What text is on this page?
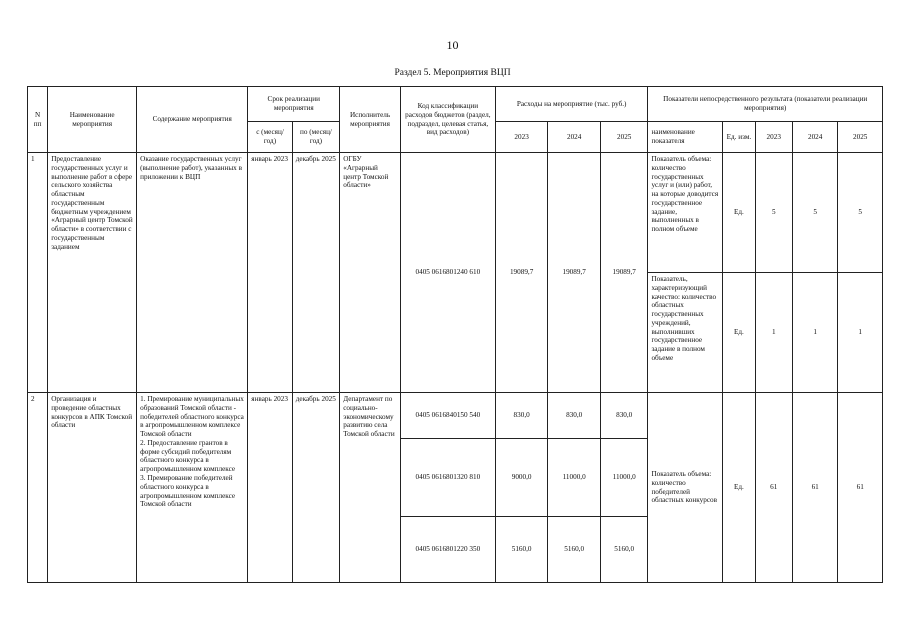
10
Раздел 5. Мероприятия ВЦП
N пп	Наименование мероприятия	Содержание мероприятия	Срок реализации мероприятия		Исполнитель мероприятия	Код классификации расходов бюджетов (раздел, подраздел, целевая статья, вид расходов)	Расходы на мероприятие (тыс. руб.)			Показатели непосредственного результата (показатели реализации мероприятия)				
			с (месяц/год)	по (месяц/год)			2023	2024	2025	наименование показателя	Ед. изм.	2023	2024	2025
1	Предоставление государственных услуг и выполнение работ в сфере сельского хозяйства областным государственным бюджетным учреждением «Аграрный центр Томской области» в соответствии с государственным заданием	Оказание государственных услуг (выполнение работ), указанных в приложении к ВЦП	январь 2023	декабрь 2025	ОГБУ «Аграрный центр Томской области»	0405 0616801240 610	19089,7	19089,7	19089,7	Показатель объема: количество государственных услуг и (или) работ, на которые доводится государственное задание, выполненных в полном объеме	Ед.	5	5	5
										Показатель, характеризующий качество: количество областных государственных учреждений, выполнивших государственное задание в полном объеме	Ед.	1	1	1
2	Организация и проведение областных конкурсов в АПК Томской области	1. Премирование муниципальных образований Томской области - победителей областного конкурса в агропромышленном комплексе Томской области
2. Предоставление грантов в форме субсидий победителям областного конкурса в агропромышленном комплексе
3. Премирование победителей областного конкурса в агропромышленном комплексе Томской области	январь 2023	декабрь 2025	Департамент по социально-экономическому развитию села Томской области	0405 0616840150 540	830,0	830,0	830,0	Показатель объема: количество победителей областных конкурсов	Ед.	61	61	61
						0405 0616801320 810	9000,0	11000,0	11000,0					
						0405 0616801220 350	5160,0	5160,0	5160,0					
